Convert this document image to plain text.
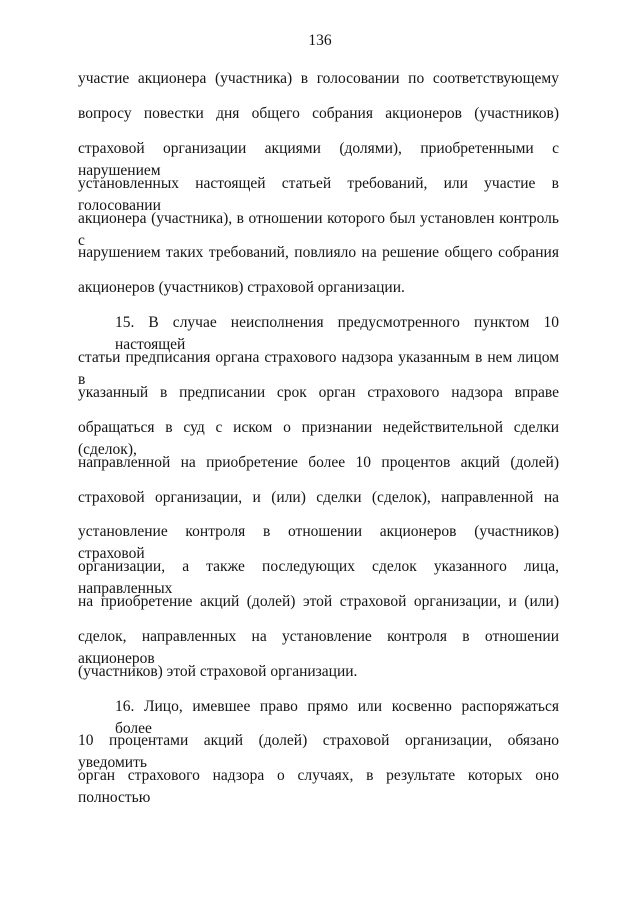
136
участие акционера (участника) в голосовании по соответствующему
вопросу повестки дня общего собрания акционеров (участников)
страховой организации акциями (долями), приобретенными с нарушением
установленных настоящей статьей требований, или участие в голосовании
акционера (участника), в отношении которого был установлен контроль с
нарушением таких требований, повлияло на решение общего собрания
акционеров (участников) страховой организации.
15. В случае неисполнения предусмотренного пунктом 10 настоящей
статьи предписания органа страхового надзора указанным в нем лицом в
указанный в предписании срок орган страхового надзора вправе
обращаться в суд с иском о признании недействительной сделки (сделок),
направленной на приобретение более 10 процентов акций (долей)
страховой организации, и (или) сделки (сделок), направленной на
установление контроля в отношении акционеров (участников) страховой
организации, а также последующих сделок указанного лица, направленных
на приобретение акций (долей) этой страховой организации, и (или)
сделок, направленных на установление контроля в отношении акционеров
(участников) этой страховой организации.
16. Лицо, имевшее право прямо или косвенно распоряжаться более
10 процентами акций (долей) страховой организации, обязано уведомить
орган страхового надзора о случаях, в результате которых оно полностью
